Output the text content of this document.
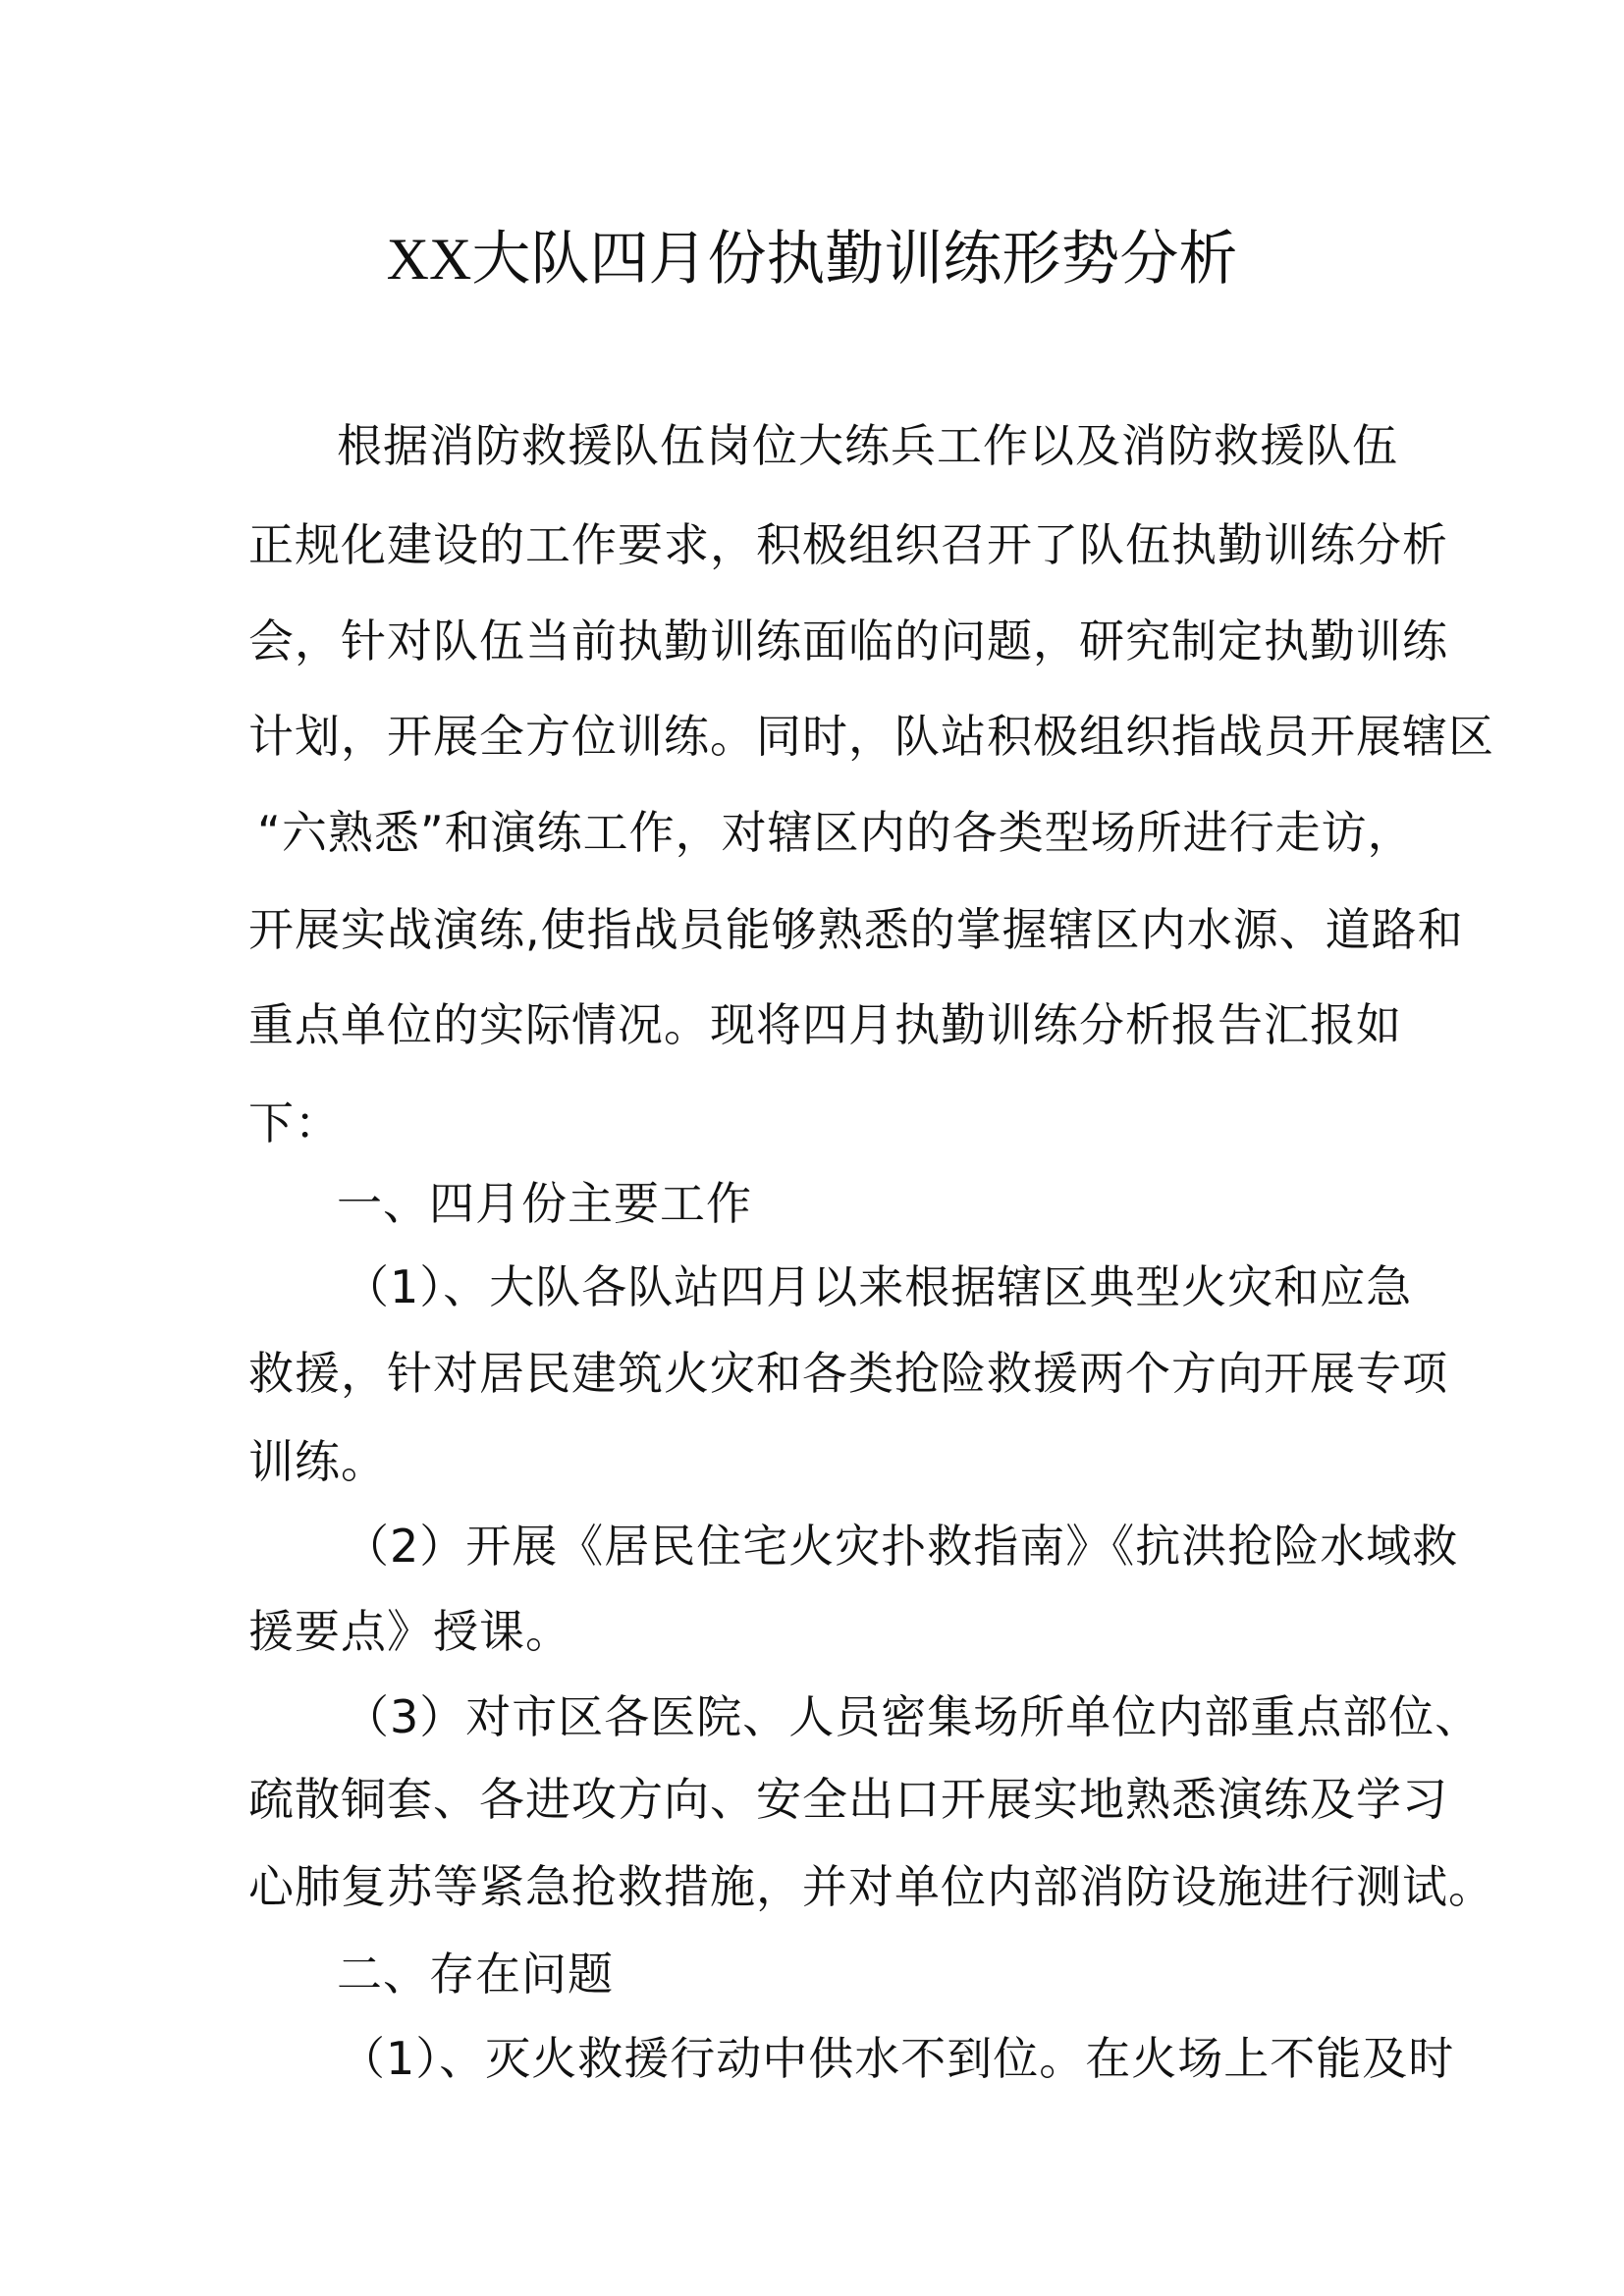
XX大队四月份执勤训练形势分析
根据消防救援队伍岗位大练兵工作以及消防救援队伍
正规化建设的工作要求，积极组织召开了队伍执勤训练分析
会，针对队伍当前执勤训练面临的问题，研究制定执勤训练
计划，开展全方位训练。同时，队站积极组织指战员开展辖区
“六熟悉”和演练工作，对辖区内的各类型场所进行走访，
开展实战演练,使指战员能够熟悉的掌握辖区内水源、道路和
重点单位的实际情况。现将四月执勤训练分析报告汇报如
下：
一、四月份主要工作
（1）、大队各队站四月以来根据辖区典型火灾和应急
救援，针对居民建筑火灾和各类抢险救援两个方向开展专项
训练。
（2）开展《居民住宅火灾扑救指南》《抗洪抢险水域救
援要点》授课。
（3）对市区各医院、人员密集场所单位内部重点部位、
疏散铜套、各进攻方向、安全出口开展实地熟悉演练及学习
心肺复苏等紧急抢救措施，并对单位内部消防设施进行测试。
二、存在问题
（1）、灭火救援行动中供水不到位。在火场上不能及时
